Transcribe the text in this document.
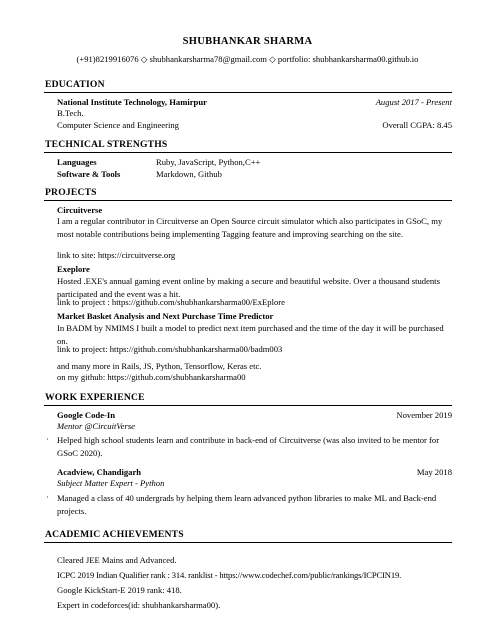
SHUBHANKAR SHARMA
(+91)8219916076 ◇ shubhankarsharma78@gmail.com ◇ portfolio: shubhankarsharma00.github.io
EDUCATION
National Institute Technology, Hamirpur	August 2017 - Present
B.Tech.
Computer Science and Engineering	Overall CGPA: 8.45
TECHNICAL STRENGTHS
Languages	Ruby, JavaScript, Python,C++
Software & Tools	Markdown, Github
PROJECTS
Circuitverse
I am a regular contributor in Circuitverse an Open Source circuit simulator which also participates in GSoC, my most notable contributions being implementing Tagging feature and improving searching on the site.
link to site: https://circuitverse.org
Exeplore
Hosted .EXE's annual gaming event online by making a secure and beautiful website. Over a thousand students participated and the event was a hit.
link to project : https://github.com/shubhankarsharma00/ExEplore
Market Basket Analysis and Next Purchase Time Predictor
In BADM by NMIMS I built a model to predict next item purchased and the time of the day it will be purchased on.
link to project: https://github.com/shubhankarsharma00/badm003
and many more in Rails, JS, Python, Tensorflow, Keras etc.
on my github: https://github.com/shubhankarsharma00
WORK EXPERIENCE
Google Code-In	November 2019
Mentor @CircuitVerse
· Helped high school students learn and contribute in back-end of Circuitverse (was also invited to be mentor for GSoC 2020).
Acadview, Chandigarh	May 2018
Subject Matter Expert - Python
· Managed a class of 40 undergrads by helping them learn advanced python libraries to make ML and Back-end projects.
ACADEMIC ACHIEVEMENTS
Cleared JEE Mains and Advanced.
ICPC 2019 Indian Qualifier rank : 314. ranklist - https://www.codechef.com/public/rankings/ICPCIN19.
Google KickStart-E 2019 rank: 418.
Expert in codeforces(id: shubhankarsharma00).
